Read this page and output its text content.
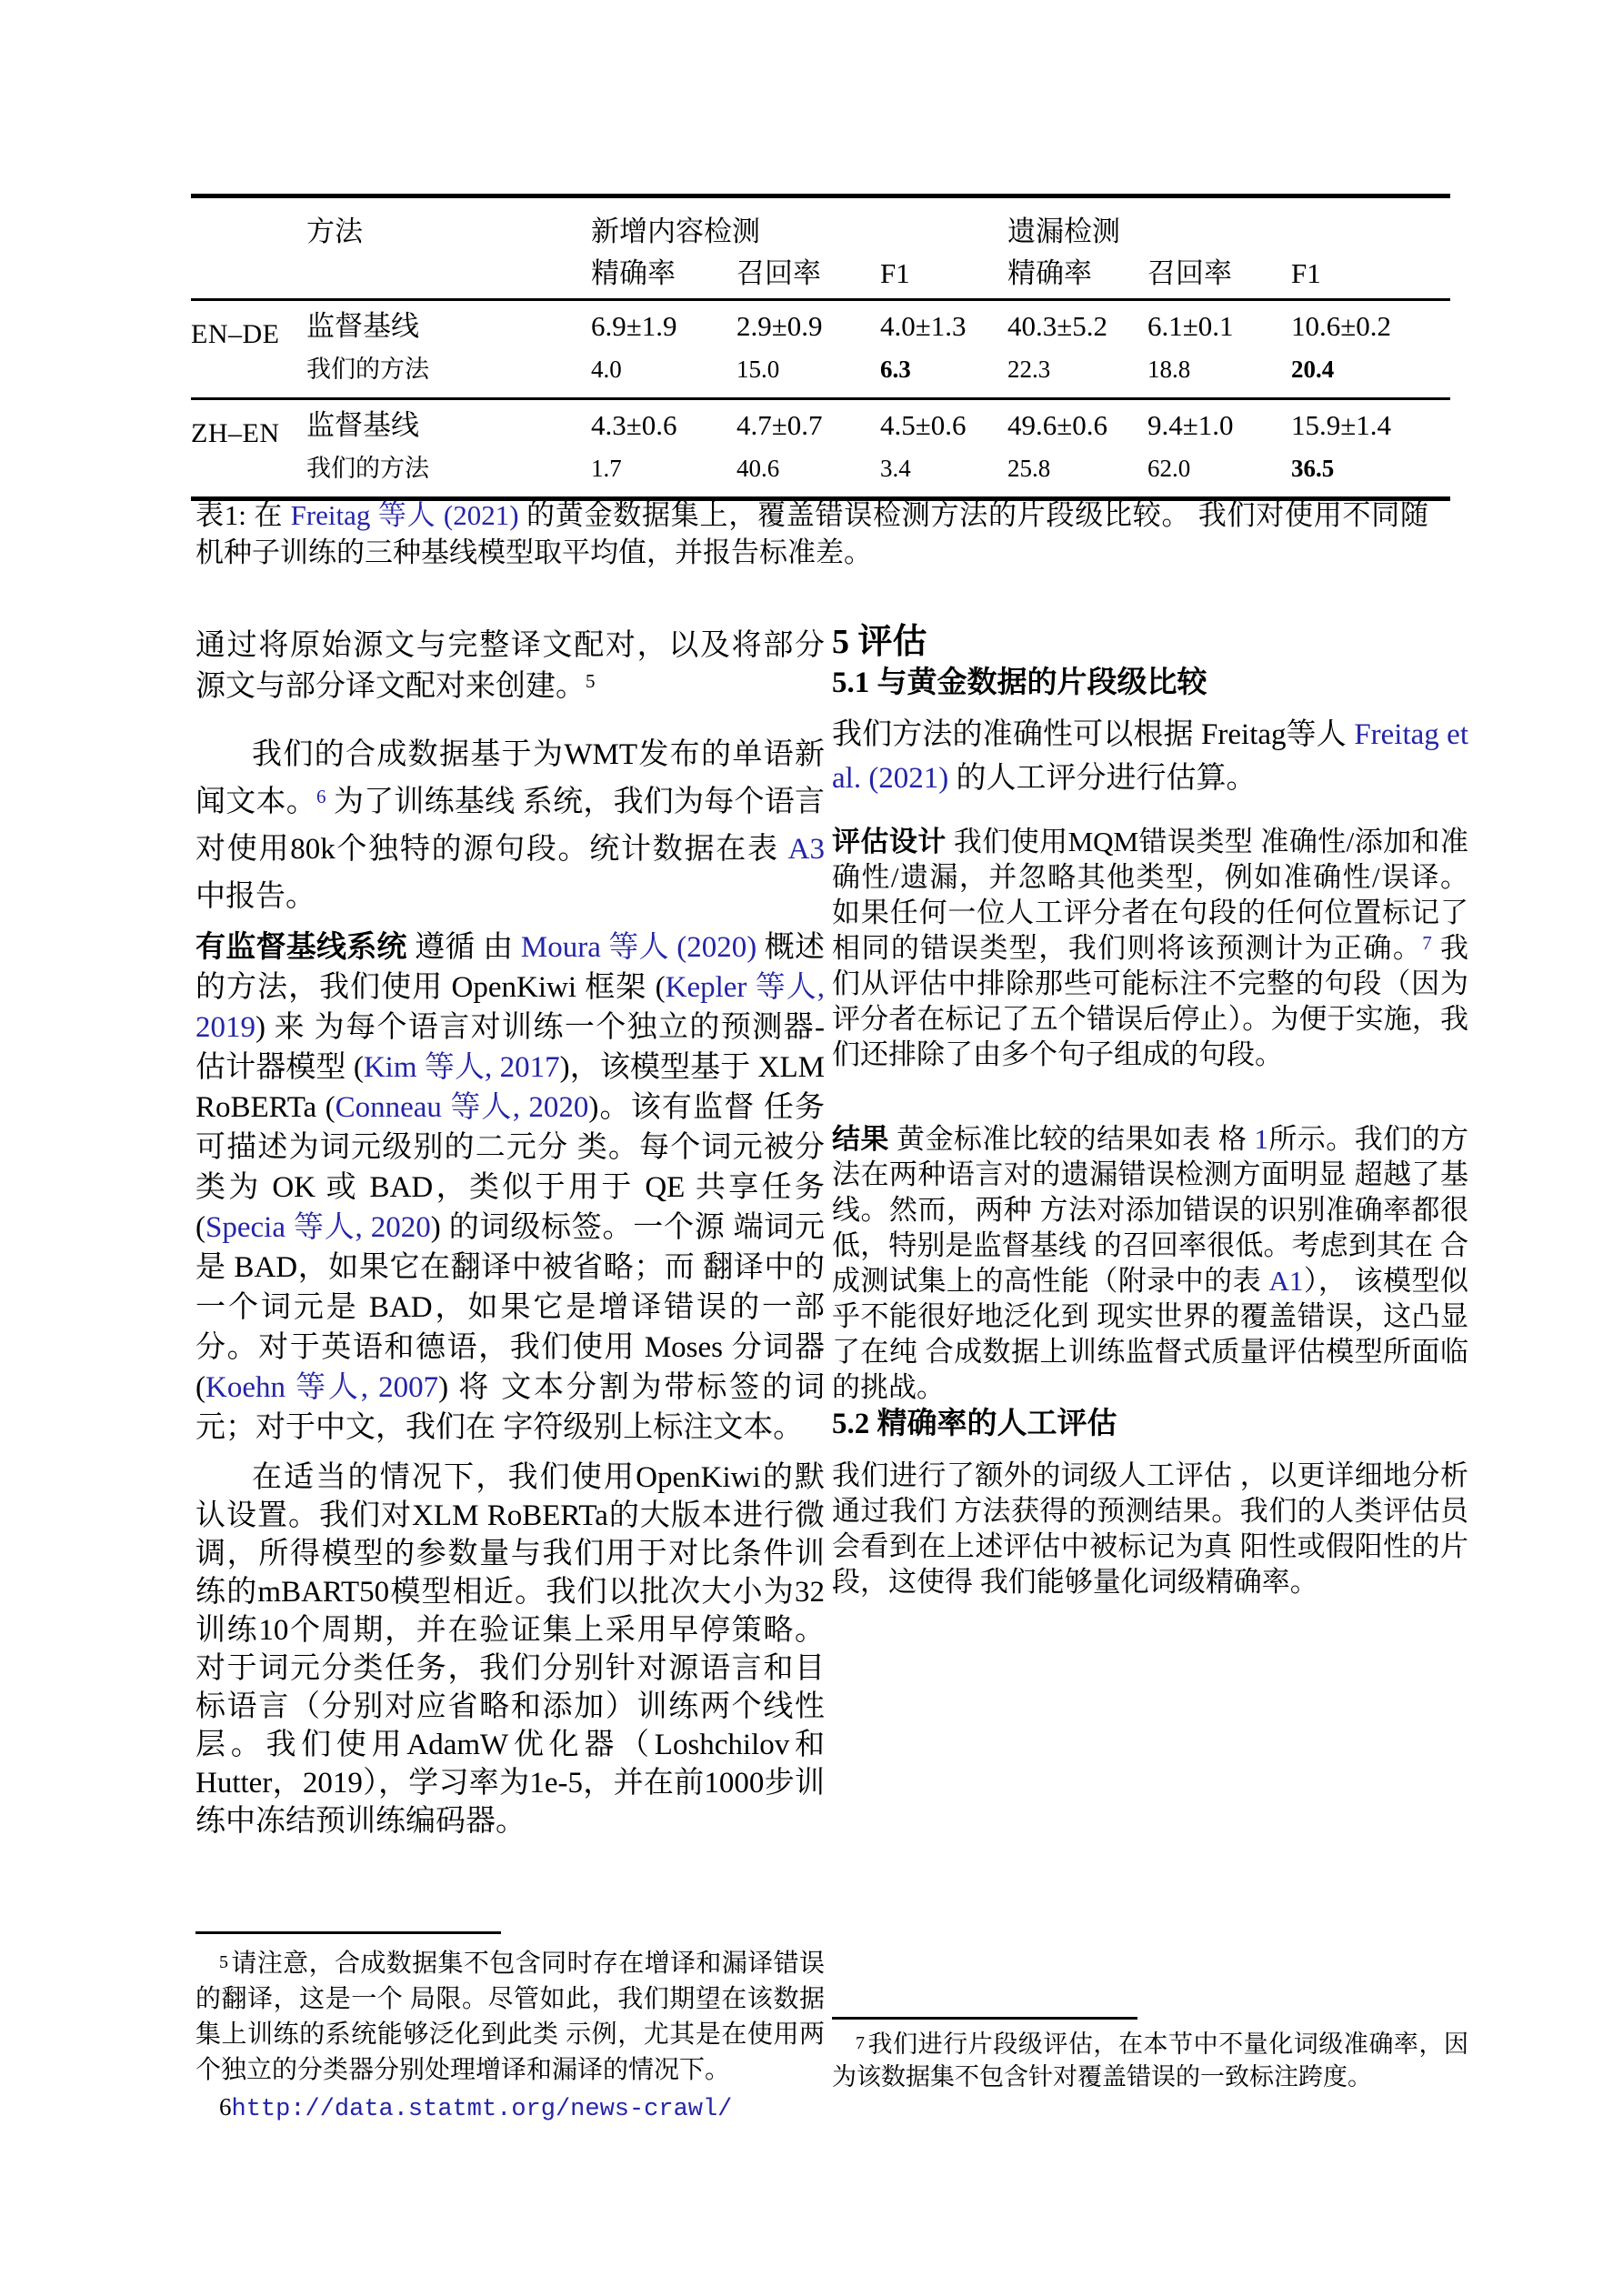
方法	新增内容检测	遗漏检测
精确率	召回率	F1	精确率	召回率	F1
EN–DE 监督基线	6.9±1.9	2.9±0.9	4.0±1.3	40.3±5.2	6.1±0.1	10.6±0.2
我们的方法	4.0	15.0	6.3	22.3	18.8	20.4
ZH–EN 监督基线	4.3±0.6	4.7±0.7	4.5±0.6	49.6±0.6	9.4±1.0	15.9±1.4
我们的方法	1.7	40.6	3.4	25.8	62.0	36.5
表1: 在 Freitag 等人 (2021) 的黄金数据集上，覆盖错误检测方法的片段级比较。 我们对使用不同随机种子训练的三种基线模型取平均值，并报告标准差。

通过将原始源文与完整译文配对，以及将部分源文与部分译文配对来创建。$^5$

我们的合成数据基于为WMT发布的单语新闻文本。$^6$ 为了训练基线 系统，我们为每个语言对使用80k个独特的源句段。统计数据在表 A3中报告。

有监督基线系统 遵循 由 Moura 等人 (2020) 概述的方法，我们使用 OpenKiwi 框架 (Kepler 等人, 2019) 来 为每个语言对训练一个独立的预测器-估计器模型 (Kim 等人, 2017)，该模型基于 XLM RoBERTa (Conneau 等人, 2020)。该有监督 任务可描述为词元级别的二元分 类。每个词元被分类为 OK 或 BAD，类似于用于 QE 共享任务 (Specia 等人, 2020) 的词级标签。一个源 端词元是 BAD，如果它在翻译中被省略；而 翻译中的一个词元是 BAD，如果它是增译错误的一部分。对于英语和德语，我们使用 Moses 分词器 (Koehn 等人, 2007) 将 文本分割为带标签的词元；对于中文，我们在 字符级别上标注文本。

在适当的情况下，我们使用OpenKiwi的默认设置。我们对XLM RoBERTa的大版本进行微调，所得模型的参数量与我们用于对比条件训练的mBART50模型相近。我们以批次大小为32训练10个周期，并在验证集上采用早停策略。对于词元分类任务，我们分别针对源语言和目标语言（分别对应省略和添加）训练两个线性层。我们使用AdamW优化器（Loshchilov和Hutter，2019），学习率为1e-5，并在前1000步训练中冻结预训练编码器。

5 请注意，合成数据集不包含同时存在增译和漏译错误的翻译，这是一个 局限。尽管如此，我们期望在该数据集上训练的系统能够泛化到此类 示例，尤其是在使用两个独立的分类器分别处理增译和漏译的情况下。
6http://data.statmt.org/news-crawl/

5 评估

5.1 与黄金数据的片段级比较

我们方法的准确性可以根据 Freitag等人 Freitag et al. (2021) 的人工评分进行估算。

评估设计 我们使用MQM错误类型 准确性/添加和准确性/遗漏，并忽略其他类型，例如准确性/误译。 如果任何一位人工评分者在句段的任何位置标记了相同的错误类型，我们则将该预测计为正确。$^7$ 我们从评估中排除那些可能标注不完整的句段（因为评分者在标记了五个错误后停止）。为便于实施，我们还排除了由多个句子组成的句段。

结果 黄金标准比较的结果如表 格 1所示。我们的方法在两种语言对的遗漏错误检测方面明显 超越了基线。然而，两种 方法对添加错误的识别准确率都很低，特别是监督基线 的召回率很低。考虑到其在 合成测试集上的高性能（附录中的表 A1）， 该模型似乎不能很好地泛化到 现实世界的覆盖错误，这凸显了在纯 合成数据上训练监督式质量评估模型所面临的挑战。

5.2 精确率的人工评估

我们进行了额外的词级人工评估 ，以更详细地分析通过我们 方法获得的预测结果。我们的人类评估员 会看到在上述评估中被标记为真 阳性或假阳性的片段，这使得 我们能够量化词级精确率。

7 我们进行片段级评估，在本节中不量化词级准确率，因为该数据集不包含针对覆盖错误的一致标注跨度。
